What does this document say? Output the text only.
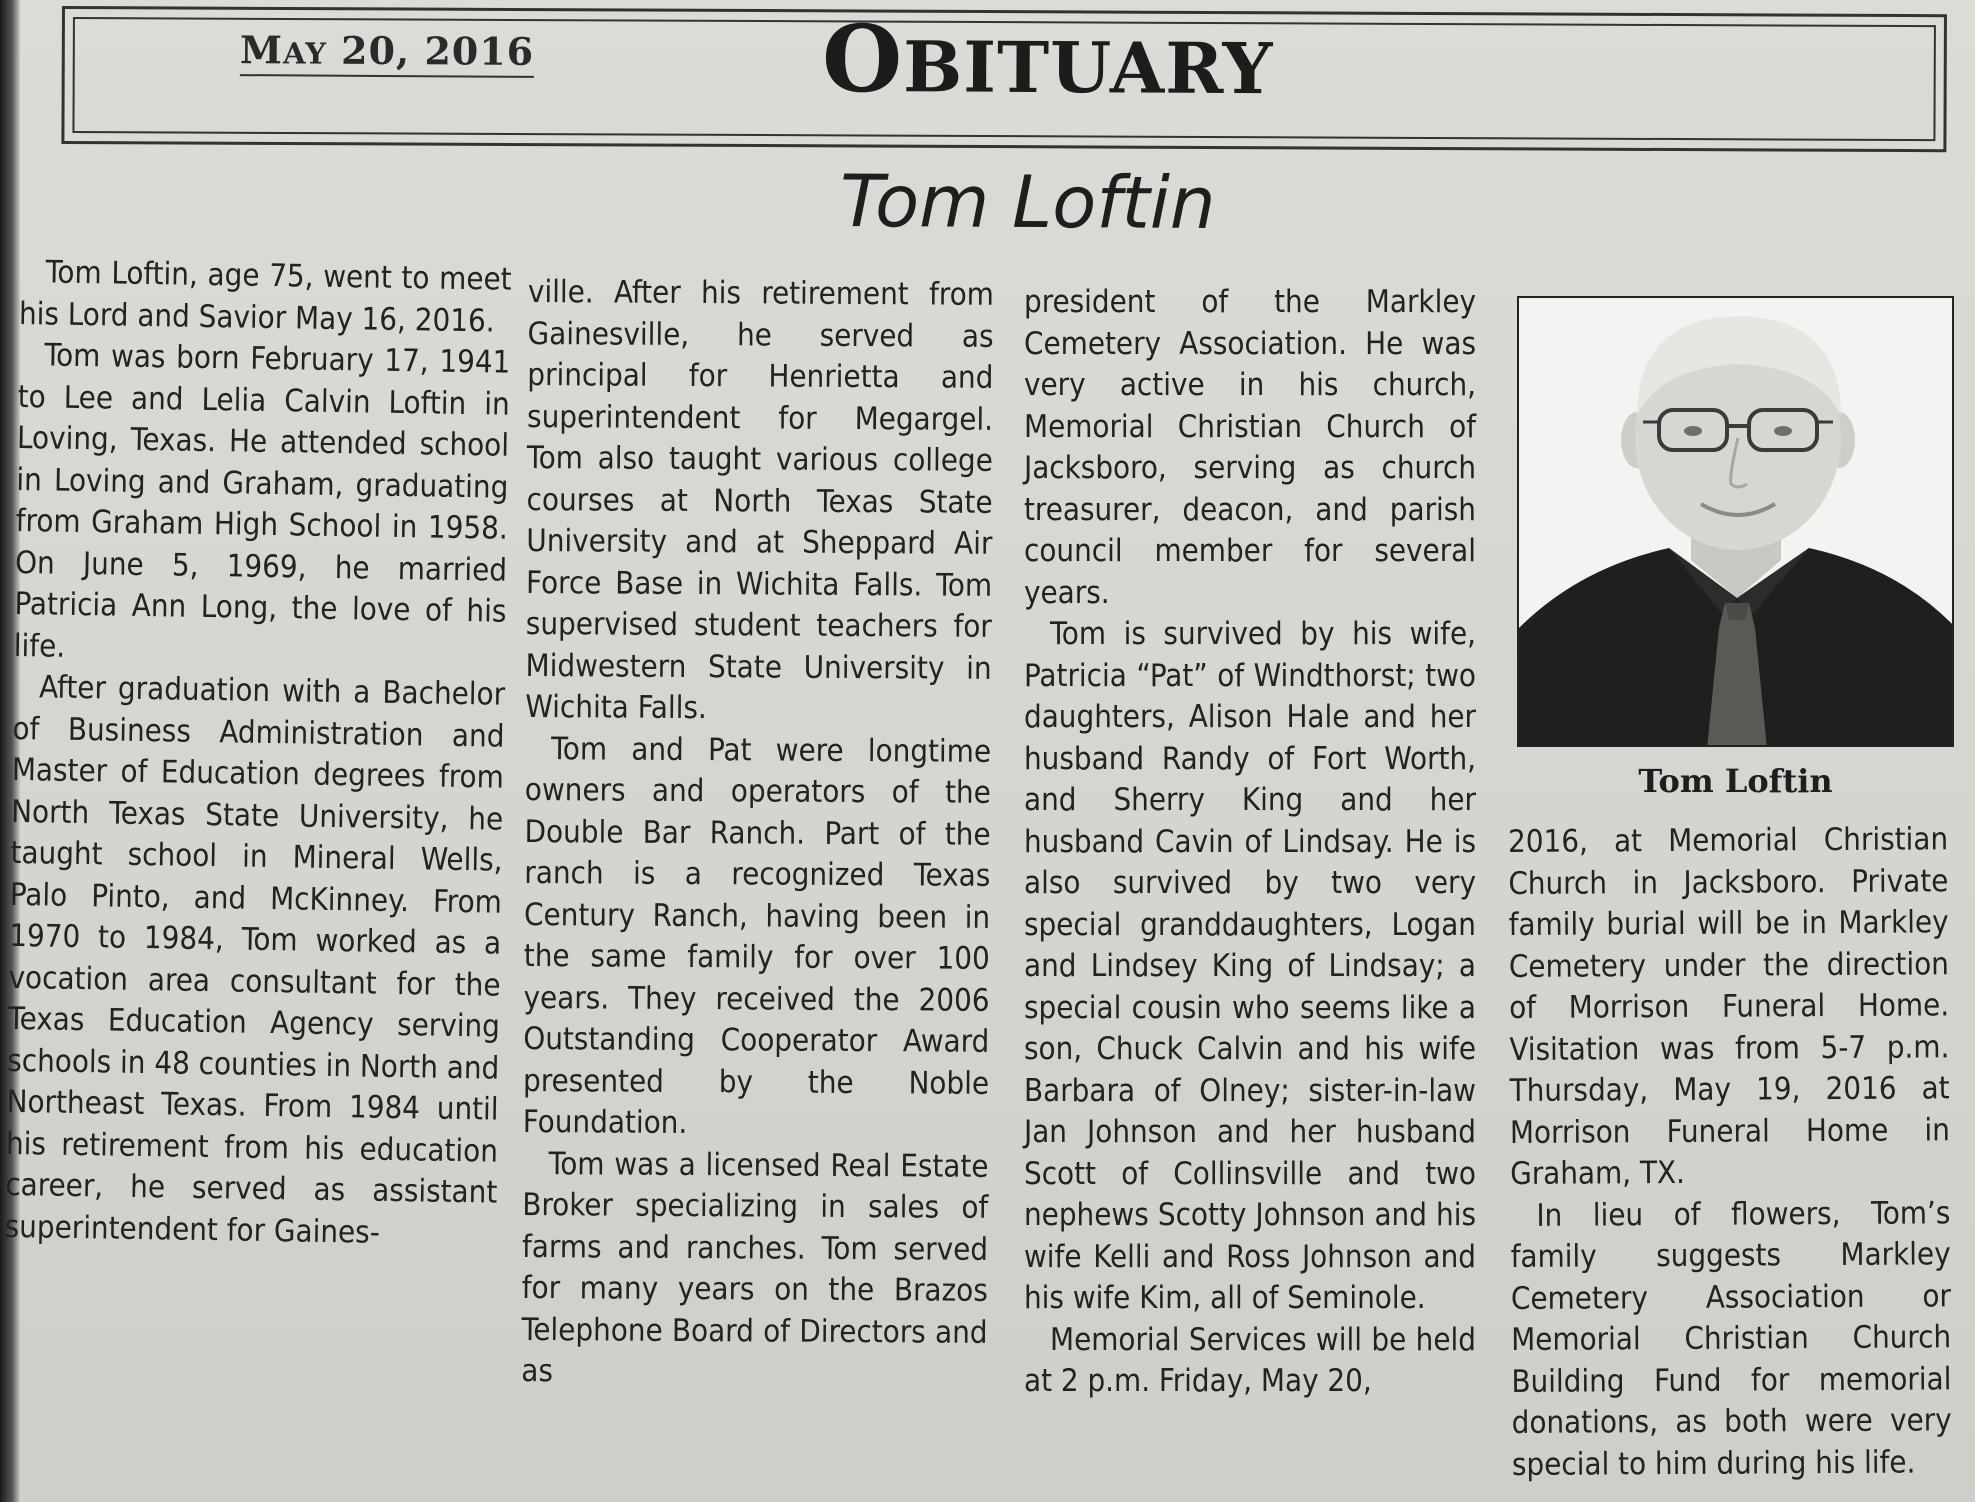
MAY 20, 2016	OBITUARY
Tom Loftin

Tom Loftin, age 75, went to meet his Lord and Savior May 16, 2016.

Tom was born February 17, 1941 to Lee and Lelia Calvin Loftin in Loving, Texas. He attended school in Loving and Graham, graduating from Graham High School in 1958. On June 5, 1969, he married Patricia Ann Long, the love of his life.

After graduation with a Bachelor of Business Administration and Master of Education degrees from North Texas State University, he taught school in Mineral Wells, Palo Pinto, and McKinney. From 1970 to 1984, Tom worked as a vocation area consultant for the Texas Education Agency serving schools in 48 counties in North and Northeast Texas. From 1984 until his retirement from his education career, he served as assistant superintendent for Gaines-

ville. After his retirement from Gainesville, he served as principal for Henrietta and superintendent for Megargel. Tom also taught various college courses at North Texas State University and at Sheppard Air Force Base in Wichita Falls. Tom supervised student teachers for Midwestern State University in Wichita Falls.

Tom and Pat were longtime owners and operators of the Double Bar Ranch. Part of the ranch is a recognized Texas Century Ranch, having been in the same family for over 100 years. They received the 2006 Outstanding Cooperator Award presented by the Noble Foundation.

Tom was a licensed Real Estate Broker specializing in sales of farms and ranches. Tom served for many years on the Brazos Telephone Board of Directors and as

president of the Markley Cemetery Association. He was very active in his church, Memorial Christian Church of Jacksboro, serving as church treasurer, deacon, and parish council member for several years.

Tom is survived by his wife, Patricia “Pat” of Windthorst; two daughters, Alison Hale and her husband Randy of Fort Worth, and Sherry King and her husband Cavin of Lindsay. He is also survived by two very special granddaughters, Logan and Lindsey King of Lindsay; a special cousin who seems like a son, Chuck Calvin and his wife Barbara of Olney; sister-in-law Jan Johnson and her husband Scott of Collinsville and two nephews Scotty Johnson and his wife Kelli and Ross Johnson and his wife Kim, all of Seminole.

Memorial Services will be held at 2 p.m. Friday, May 20,

Tom Loftin

2016, at Memorial Christian Church in Jacksboro. Private family burial will be in Markley Cemetery under the direction of Morrison Funeral Home. Visitation was from 5-7 p.m. Thursday, May 19, 2016 at Morrison Funeral Home in Graham, TX.

In lieu of flowers, Tom’s family suggests Markley Cemetery Association or Memorial Christian Church Building Fund for memorial donations, as both were very special to him during his life.
